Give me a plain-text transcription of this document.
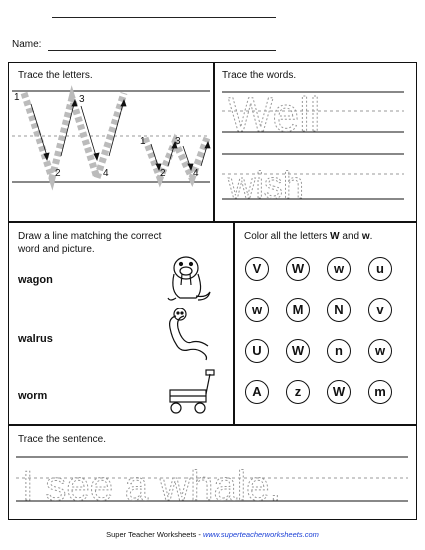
Name:
Trace the letters.
1
2
3
4
1
2
3
4
Trace the words.
Well
wish
Draw a line matching the correct
word and picture.
wagon
walrus
worm
Color all the letters W and w.
V	W	w	u
w	M	N	v
U	W	n	w
A	z	W	m
Trace the sentence.
I see a whale.
Super Teacher Worksheets - www.superteacherworksheets.com
